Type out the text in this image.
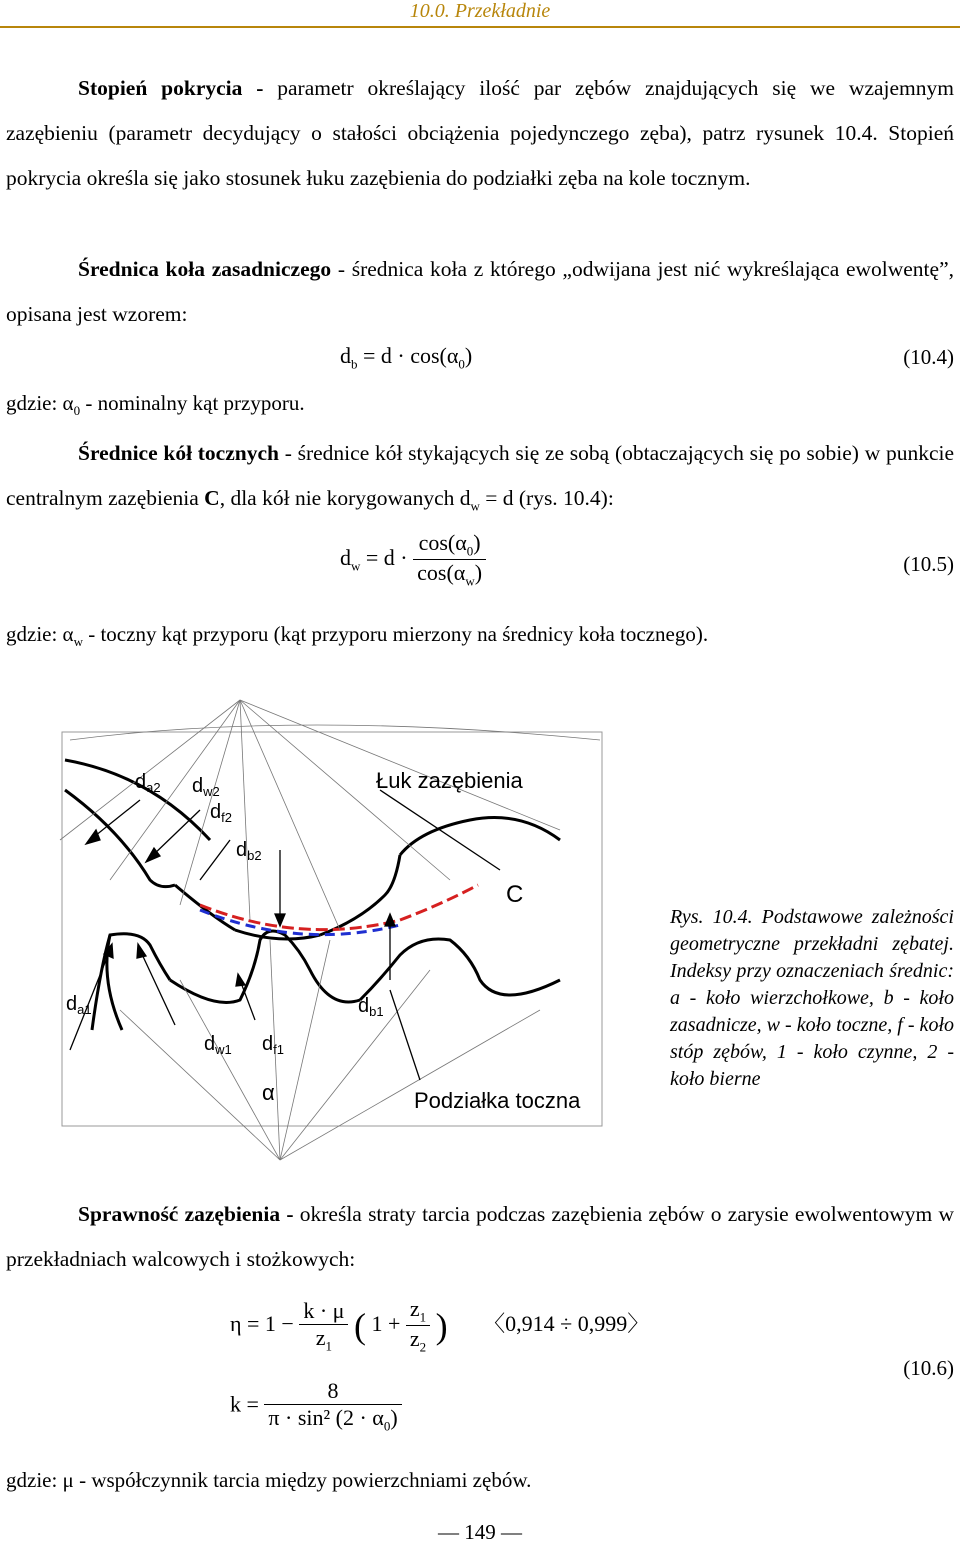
10.0. Przekładnie
Stopień pokrycia - parametr określający ilość par zębów znajdujących się we wzajemnym zazębieniu (parametr decydujący o stałości obciążenia pojedynczego zęba), patrz rysunek 10.4. Stopień pokrycia określa się jako stosunek łuku zazębienia do podziałki zęba na kole tocznym.
Średnica koła zasadniczego - średnica koła z którego „odwijana jest nić wykreślająca ewolwentę”, opisana jest wzorem:
$d_b = d \cdot \cos(\alpha_0)$	(10.4)
gdzie: $\alpha_0$ - nominalny kąt przyporu.
Średnice kół tocznych - średnice kół stykających się ze sobą (obtaczających się po sobie) w punkcie centralnym zazębienia C, dla kół nie korygowanych $d_w = d$ (rys. 10.4):
$d_w = d \cdot \frac{\cos(\alpha_0)}{\cos(\alpha_w)}$	(10.5)
gdzie: $\alpha_w$ - toczny kąt przyporu (kąt przyporu mierzony na średnicy koła tocznego).
$d_{a2}$ $d_{w2}$
$d_{f2}$
$d_{b2}$
Łuk zazębienia
C
$d_{a1}$
$d_{w1}$ $d_{f1}$
$d_{b1}$
α	Podziałka toczna
Rys. 10.4. Podstawowe zależności geometryczne przekładni zębatej. Indeksy przy oznaczeniach średnic: a - koło wierzchołkowe, b - koło zasadnicze, w - koło toczne, f - koło stóp zębów, 1 - koło czynne, 2 - koło bierne
Sprawność zazębienia - określa straty tarcia podczas zazębienia zębów o zarysie ewolwentowym w przekładniach walcowych i stożkowych:
$\eta = 1 - \frac{k \cdot \mu}{z_1}$ ( $1 + \frac{z_1}{z_2}$ ) 〈0,914 ÷ 0,999〉
$k = \frac{8}{\pi \cdot \sin^2 (2 \cdot \alpha_0)}$
(10.6)
gdzie: μ - współczynnik tarcia między powierzchniami zębów.
— 149 —
